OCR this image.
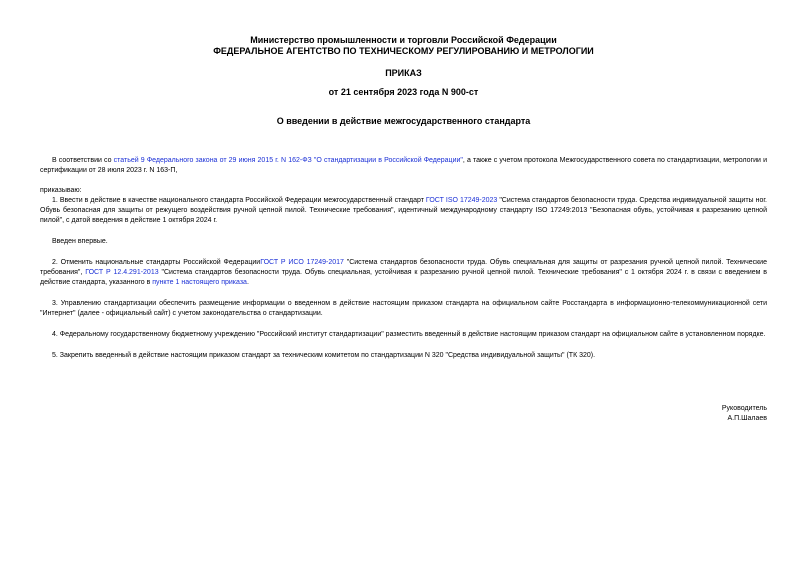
Министерство промышленности и торговли Российской Федерации
ФЕДЕРАЛЬНОЕ АГЕНТСТВО ПО ТЕХНИЧЕСКОМУ РЕГУЛИРОВАНИЮ И МЕТРОЛОГИИ
ПРИКАЗ
от 21 сентября 2023 года N 900-ст
О введении в действие межгосударственного стандарта

В соответствии со статьей 9 Федерального закона от 29 июня 2015 г. N 162-ФЗ "О стандартизации в Российской Федерации", а также с учетом протокола Межгосударственного совета по стандартизации, метрологии и сертификации от 28 июля 2023 г. N 163-П,

приказываю:

1. Ввести в действие в качестве национального стандарта Российской Федерации межгосударственный стандарт ГОСТ ISO 17249-2023 "Система стандартов безопасности труда. Средства индивидуальной защиты ног. Обувь безопасная для защиты от режущего воздействия ручной цепной пилой. Технические требования", идентичный международному стандарту ISO 17249:2013 "Безопасная обувь, устойчивая к разрезанию цепной пилой", с датой введения в действие 1 октября 2024 г.

Введен впервые.

2. Отменить национальные стандарты Российской ФедерацииГОСТ Р ИСО 17249-2017 "Система стандартов безопасности труда. Обувь специальная для защиты от разрезания ручной цепной пилой. Технические требования", ГОСТ Р 12.4.291-2013 "Система стандартов безопасности труда. Обувь специальная, устойчивая к разрезанию ручной цепной пилой. Технические требования" с 1 октября 2024 г. в связи с введением в действие стандарта, указанного в пункте 1 настоящего приказа.

3. Управлению стандартизации обеспечить размещение информации о введенном в действие настоящим приказом стандарта на официальном сайте Росстандарта в информационно-телекоммуникационной сети "Интернет" (далее - официальный сайт) с учетом законодательства о стандартизации.

4. Федеральному государственному бюджетному учреждению "Российский институт стандартизации" разместить введенный в действие настоящим приказом стандарт на официальном сайте в установленном порядке.

5. Закрепить введенный в действие настоящим приказом стандарт за техническим комитетом по стандартизации N 320 "Средства индивидуальной защиты" (ТК 320).

Руководитель
А.П.Шалаев
